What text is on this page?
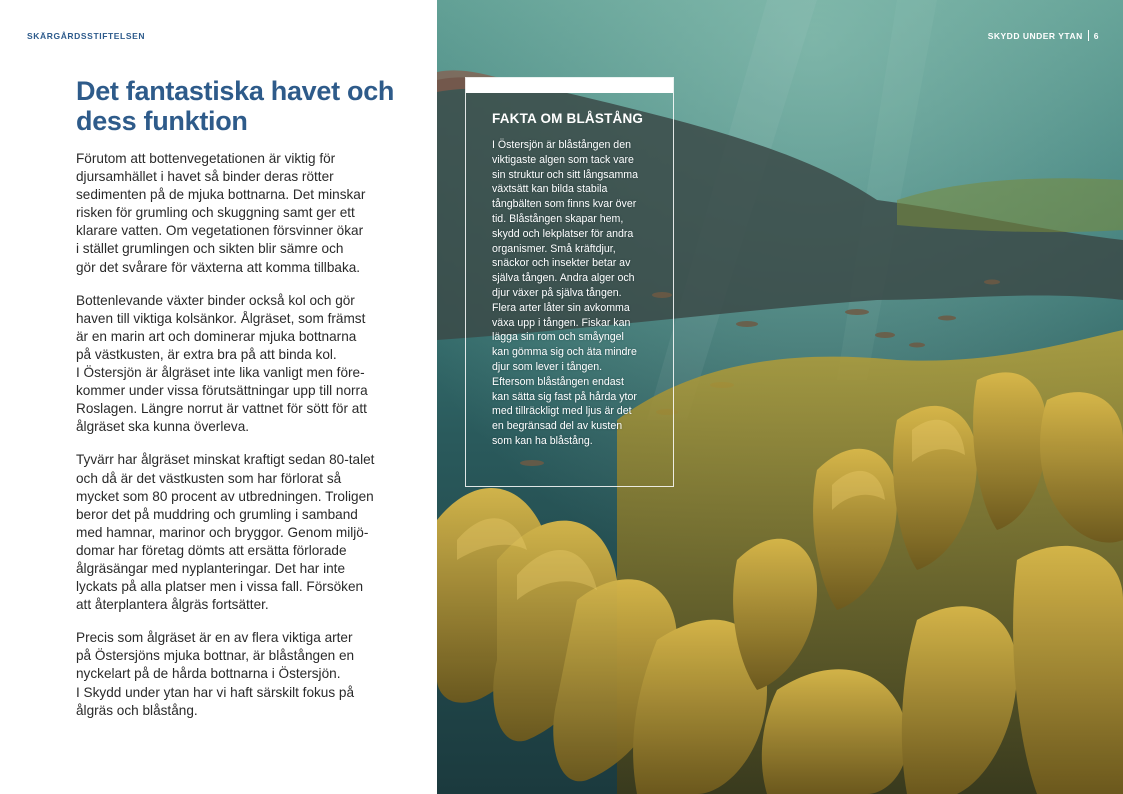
SKÄRGÅRDSSTIFTELSEN
Det fantastiska havet och dess funktion

Förutom att bottenvegetationen är viktig för
djursamhället i havet så binder deras rötter
sedimenten på de mjuka bottnarna. Det minskar
risken för grumling och skuggning samt ger ett
klarare vatten. Om vegetationen försvinner ökar
i stället grumlingen och sikten blir sämre och
gör det svårare för växterna att komma tillbaka.

Bottenlevande växter binder också kol och gör
haven till viktiga kolsänkor. Ålgräset, som främst
är en marin art och dominerar mjuka bottnarna
på västkusten, är extra bra på att binda kol.
I Östersjön är ålgräset inte lika vanligt men före-
kommer under vissa förutsättningar upp till norra
Roslagen. Längre norrut är vattnet för sött för att
ålgräset ska kunna överleva.

Tyvärr har ålgräset minskat kraftigt sedan 80-talet
och då är det västkusten som har förlorat så
mycket som 80 procent av utbredningen. Troligen
beror det på muddring och grumling i samband
med hamnar, marinor och bryggor. Genom miljö-
domar har företag dömts att ersätta förlorade
ålgräsängar med nyplanteringar. Det har inte
lyckats på alla platser men i vissa fall. Försöken
att återplantera ålgräs fortsätter.

Precis som ålgräset är en av flera viktiga arter
på Östersjöns mjuka bottnar, är blåstången en
nyckelart på de hårda bottnarna i Östersjön.
I Skydd under ytan har vi haft särskilt fokus på
ålgräs och blåstång.

SKYDD UNDER YTAN 6
FAKTA OM BLÅSTÅNG

I Östersjön är blåstången den
viktigaste algen som tack vare
sin struktur och sitt långsamma
växtsätt kan bilda stabila
tångbälten som finns kvar över
tid. Blåstången skapar hem,
skydd och lekplatser för andra
organismer. Små kräftdjur,
snäckor och insekter betar av
själva tången. Andra alger och
djur växer på själva tången.
Flera arter låter sin avkomma
växa upp i tången. Fiskar kan
lägga sin rom och småyngel
kan gömma sig och äta mindre
djur som lever i tången.
Eftersom blåstången endast
kan sätta sig fast på hårda ytor
med tillräckligt med ljus är det
en begränsad del av kusten
som kan ha blåstång.
